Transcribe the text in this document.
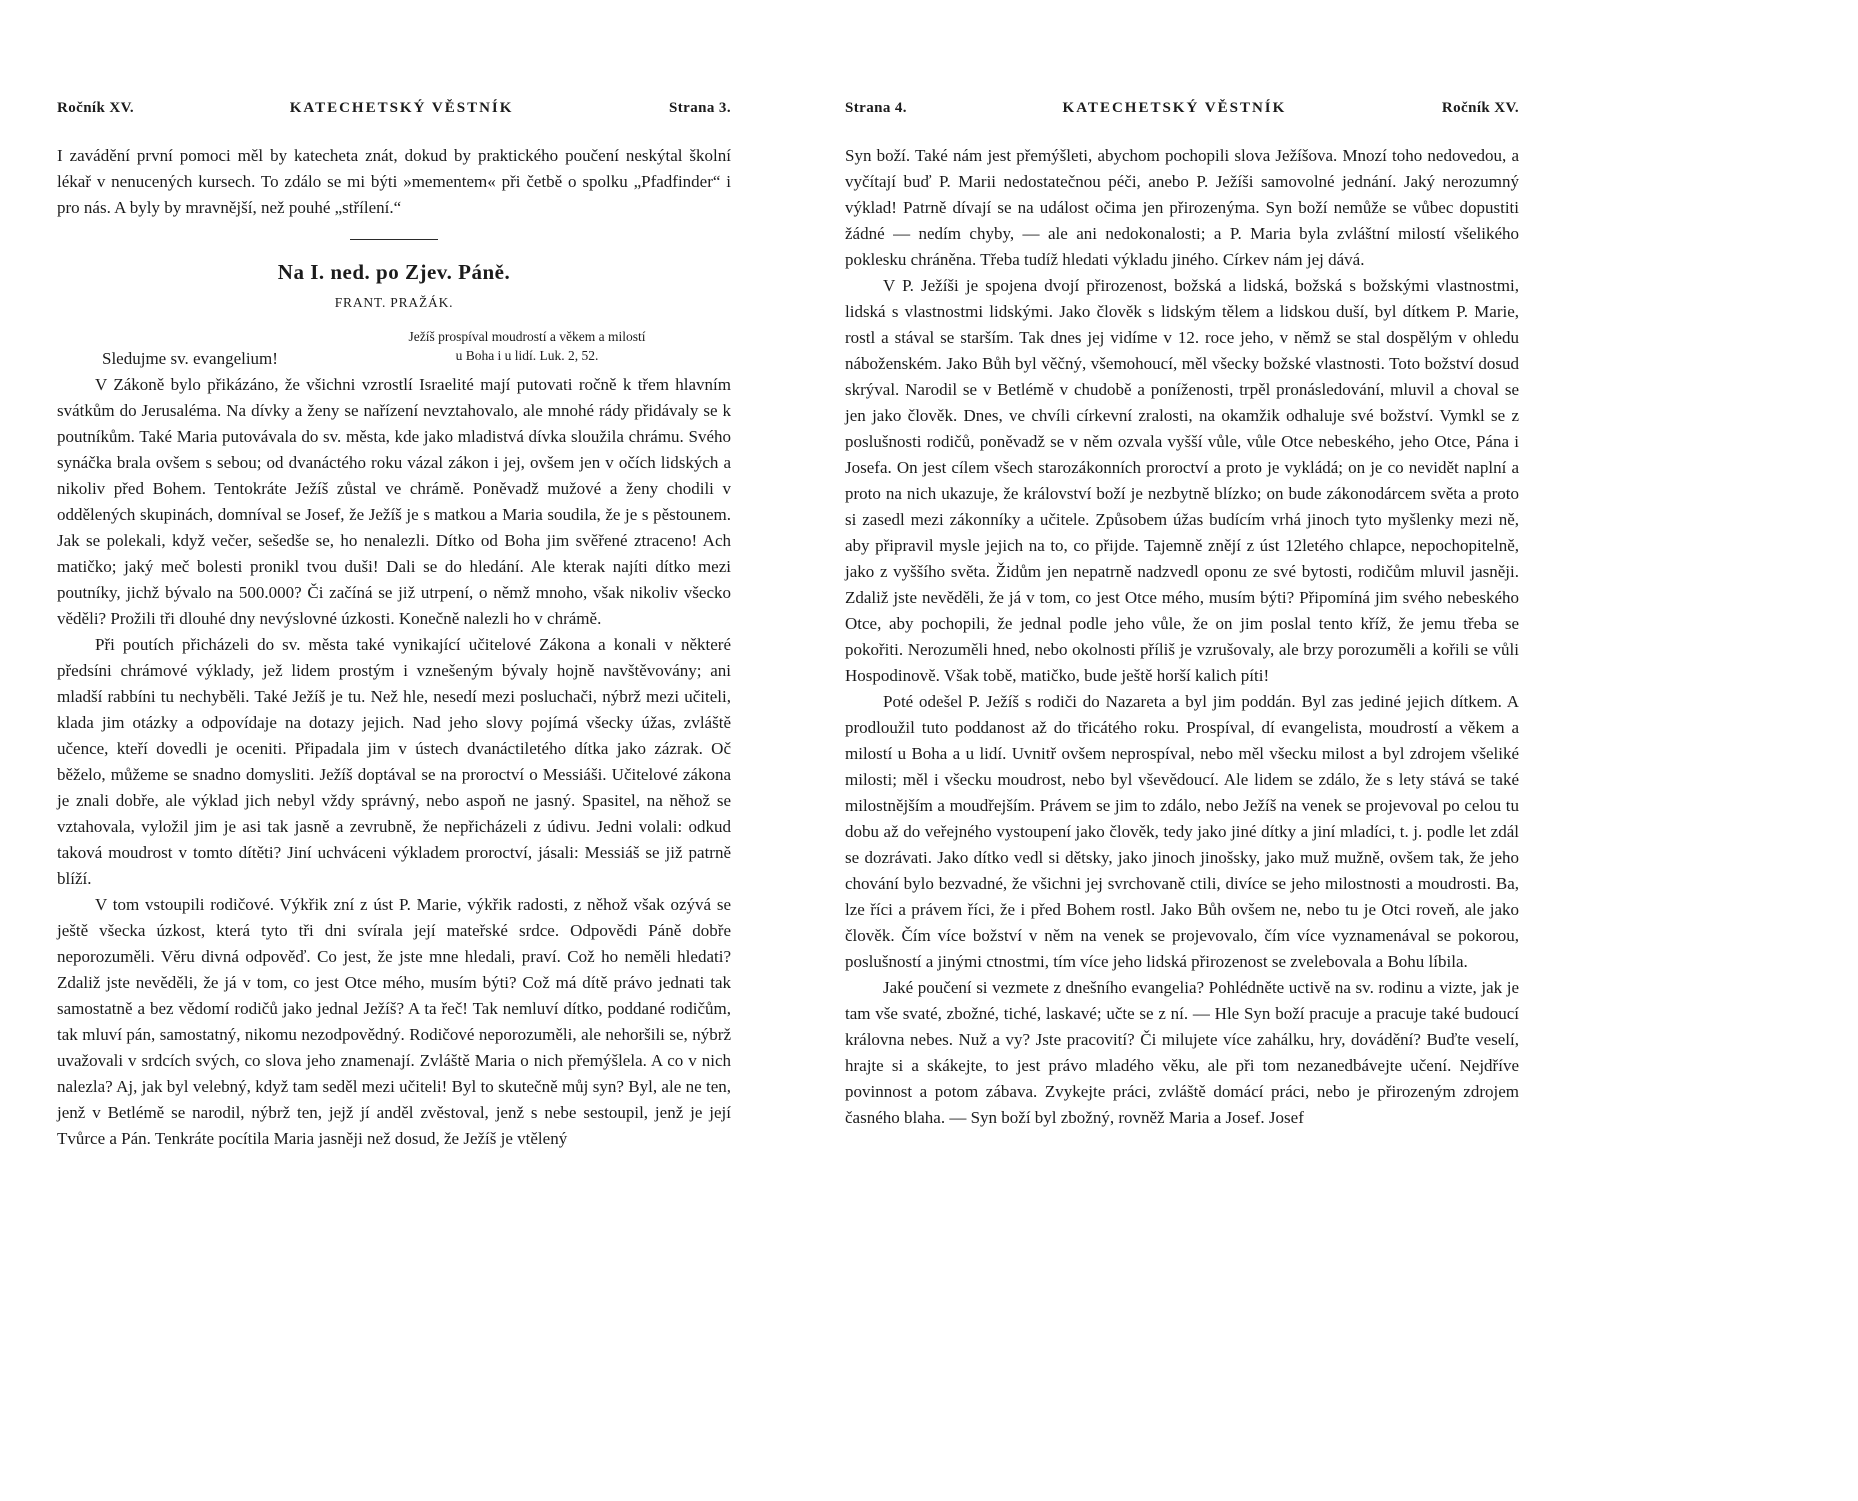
Ročník XV.	KATECHETSKÝ VĚSTNÍK	Strana 3.

I zavádění první pomoci měl by katecheta znát, dokud by praktického poučení neskýtal školní lékař v nenucených kursech. To zdálo se mi býti »mementem« při četbě o spolku „Pfadfinder“ i pro nás. A byly by mravnější, než pouhé „střílení.“

Na I. ned. po Zjev. Páně.
FRANT. PRAŽÁK.
Ježíš prospíval moudrostí a věkem a milostí
u Boha i u lidí. Luk. 2, 52.

Sledujme sv. evangelium!

V Zákoně bylo přikázáno, že všichni vzrostlí Israelité mají putovati ročně k třem hlavním svátkům do Jerusaléma. Na dívky a ženy se nařízení nevztahovalo, ale mnohé rády přidávaly se k poutníkům. Také Maria putovávala do sv. města, kde jako mladistvá dívka sloužila chrámu. Svého synáčka brala ovšem s sebou; od dvanáctého roku vázal zákon i jej, ovšem jen v očích lidských a nikoliv před Bohem. Tentokráte Ježíš zůstal ve chrámě. Poněvadž mužové a ženy chodili v oddělených skupinách, domníval se Josef, že Ježíš je s matkou a Maria soudila, že je s pěstounem. Jak se polekali, když večer, sešedše se, ho nenalezli. Dítko od Boha jim svěřené ztraceno! Ach matičko; jaký meč bolesti pronikl tvou duši! Dali se do hledání. Ale kterak najíti dítko mezi poutníky, jichž bývalo na 500.000? Či začíná se již utrpení, o němž mnoho, však nikoliv všecko věděli? Prožili tři dlouhé dny nevýslovné úzkosti. Konečně nalezli ho v chrámě.

Při poutích přicházeli do sv. města také vynikající učitelové Zákona a konali v některé předsíni chrámové výklady, jež lidem prostým i vznešeným bývaly hojně navštěvovány; ani mladší rabbíni tu nechyběli. Také Ježíš je tu. Než hle, nesedí mezi posluchači, nýbrž mezi učiteli, klada jim otázky a odpovídaje na dotazy jejich. Nad jeho slovy pojímá všecky úžas, zvláště učence, kteří dovedli je oceniti. Připadala jim v ústech dvanáctiletého dítka jako zázrak. Oč běželo, můžeme se snadno domysliti. Ježíš doptával se na proroctví o Messiáši. Učitelové zákona je znali dobře, ale výklad jich nebyl vždy správný, nebo aspoň ne jasný. Spasitel, na něhož se vztahovala, vyložil jim je asi tak jasně a zevrubně, že nepřicházeli z údivu. Jedni volali: odkud taková moudrost v tomto dítěti? Jiní uchváceni výkladem proroctví, jásali: Messiáš se již patrně blíží.

V tom vstoupili rodičové. Výkřik zní z úst P. Marie, výkřik radosti, z něhož však ozývá se ještě všecka úzkost, která tyto tři dni svírala její mateřské srdce. Odpovědi Páně dobře neporozuměli. Věru divná odpověď. Co jest, že jste mne hledali, praví. Což ho neměli hledati? Zdaliž jste nevěděli, že já v tom, co jest Otce mého, musím býti? Což má dítě právo jednati tak samostatně a bez vědomí rodičů jako jednal Ježíš? A ta řeč! Tak nemluví dítko, poddané rodičům, tak mluví pán, samostatný, nikomu nezodpovědný. Rodičové neporozuměli, ale nehoršili se, nýbrž uvažovali v srdcích svých, co slova jeho znamenají. Zvláště Maria o nich přemýšlela. A co v nich nalezla? Aj, jak byl velebný, když tam seděl mezi učiteli! Byl to skutečně můj syn? Byl, ale ne ten, jenž v Betlémě se narodil, nýbrž ten, jejž jí anděl zvěstoval, jenž s nebe sestoupil, jenž je její Tvůrce a Pán. Tenkráte pocítila Maria jasněji než dosud, že Ježíš je vtělený

Strana 4.	KATECHETSKÝ VĚSTNÍK	Ročník XV.

Syn boží. Také nám jest přemýšleti, abychom pochopili slova Ježíšova. Mnozí toho nedovedou, a vyčítají buď P. Marii nedostatečnou péči, anebo P. Ježíši samovolné jednání. Jaký nerozumný výklad! Patrně dívají se na událost očima jen přirozenýma. Syn boží nemůže se vůbec dopustiti žádné — nedím chyby, — ale ani nedokonalosti; a P. Maria byla zvláštní milostí všelikého poklesku chráněna. Třeba tudíž hledati výkladu jiného. Církev nám jej dává.

V P. Ježíši je spojena dvojí přirozenost, božská a lidská, božská s božskými vlastnostmi, lidská s vlastnostmi lidskými. Jako člověk s lidským tělem a lidskou duší, byl dítkem P. Marie, rostl a stával se starším. Tak dnes jej vidíme v 12. roce jeho, v němž se stal dospělým v ohledu náboženském. Jako Bůh byl věčný, všemohoucí, měl všecky božské vlastnosti. Toto božství dosud skrýval. Narodil se v Betlémě v chudobě a poníženosti, trpěl pronásledování, mluvil a choval se jen jako člověk. Dnes, ve chvíli církevní zralosti, na okamžik odhaluje své božství. Vymkl se z poslušnosti rodičů, poněvadž se v něm ozvala vyšší vůle, vůle Otce nebeského, jeho Otce, Pána i Josefa. On jest cílem všech starozákonních proroctví a proto je vykládá; on je co nevidět naplní a proto na nich ukazuje, že království boží je nezbytně blízko; on bude zákonodárcem světa a proto si zasedl mezi zákonníky a učitele. Způsobem úžas budícím vrhá jinoch tyto myšlenky mezi ně, aby připravil mysle jejich na to, co přijde. Tajemně znějí z úst 12letého chlapce, nepochopitelně, jako z vyššího světa. Židům jen nepatrně nadzvedl oponu ze své bytosti, rodičům mluvil jasněji. Zdaliž jste nevěděli, že já v tom, co jest Otce mého, musím býti? Připomíná jim svého nebeského Otce, aby pochopili, že jednal podle jeho vůle, že on jim poslal tento kříž, že jemu třeba se pokořiti. Nerozuměli hned, nebo okolnosti příliš je vzrušovaly, ale brzy porozuměli a kořili se vůli Hospodinově. Však tobě, matičko, bude ještě horší kalich píti!

Poté odešel P. Ježíš s rodiči do Nazareta a byl jim poddán. Byl zas jediné jejich dítkem. A prodloužil tuto poddanost až do třicátého roku. Prospíval, dí evangelista, moudrostí a věkem a milostí u Boha a u lidí. Uvnitř ovšem neprospíval, nebo měl všecku milost a byl zdrojem všeliké milosti; měl i všecku moudrost, nebo byl vševědoucí. Ale lidem se zdálo, že s lety stává se také milostnějším a moudřejším. Právem se jim to zdálo, nebo Ježíš na venek se projevoval po celou tu dobu až do veřejného vystoupení jako člověk, tedy jako jiné dítky a jiní mladíci, t. j. podle let zdál se dozrávati. Jako dítko vedl si dětsky, jako jinoch jinošsky, jako muž mužně, ovšem tak, že jeho chování bylo bezvadné, že všichni jej svrchovaně ctili, divíce se jeho milostnosti a moudrosti. Ba, lze říci a právem říci, že i před Bohem rostl. Jako Bůh ovšem ne, nebo tu je Otci roveň, ale jako člověk. Čím více božství v něm na venek se projevovalo, čím více vyznamenával se pokorou, poslušností a jinými ctnostmi, tím více jeho lidská přirozenost se zvelebovala a Bohu líbila.

Jaké poučení si vezmete z dnešního evangelia? Pohlédněte uctivě na sv. rodinu a vizte, jak je tam vše svaté, zbožné, tiché, laskavé; učte se z ní. — Hle Syn boží pracuje a pracuje také budoucí královna nebes. Nuž a vy? Jste pracovití? Či milujete více zahálku, hry, dovádění? Buďte veselí, hrajte si a skákejte, to jest právo mladého věku, ale při tom nezanedbávejte učení. Nejdříve povinnost a potom zábava. Zvykejte práci, zvláště domácí práci, nebo je přirozeným zdrojem časného blaha. — Syn boží byl zbožný, rovněž Maria a Josef. Josef
